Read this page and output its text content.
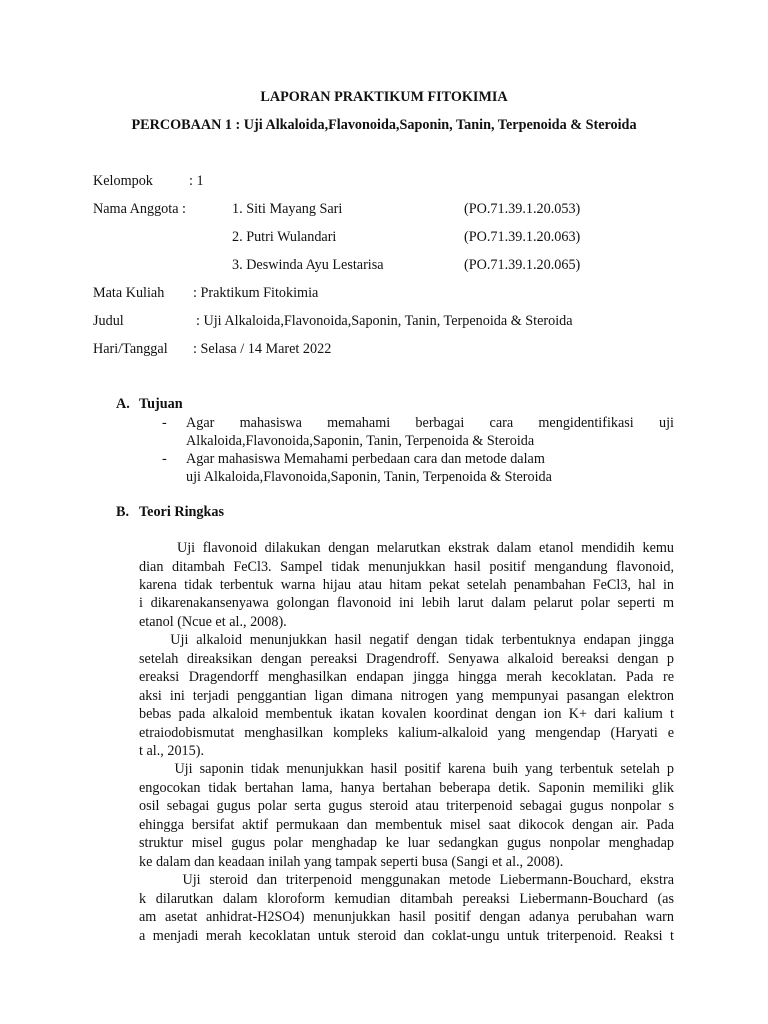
LAPORAN PRAKTIKUM FITOKIMIA
PERCOBAAN 1 : Uji Alkaloida,Flavonoida,Saponin, Tanin, Terpenoida & Steroida
Kelompok	: 1
Nama Anggota :	1. Siti Mayang Sari	(PO.71.39.1.20.053)
2. Putri Wulandari	(PO.71.39.1.20.063)
3. Deswinda Ayu Lestarisa	(PO.71.39.1.20.065)
Mata Kuliah : Praktikum Fitokimia
Judul	: Uji Alkaloida,Flavonoida,Saponin, Tanin, Terpenoida & Steroida
Hari/Tanggal : Selasa / 14 Maret 2022
A. Tujuan
- Agar mahasiswa memahami berbagai cara mengidentifikasi uji
Alkaloida,Flavonoida,Saponin, Tanin, Terpenoida & Steroida
- Agar mahasiswa Memahami perbedaan cara dan metode dalam
uji Alkaloida,Flavonoida,Saponin, Tanin, Terpenoida & Steroida
B. Teori Ringkas
Uji flavonoid dilakukan dengan melarutkan ekstrak dalam etanol mendidih kemu
dian ditambah FeCl3. Sampel tidak menunjukkan hasil positif mengandung flavonoid,
karena tidak terbentuk warna hijau atau hitam pekat setelah penambahan FeCl3, hal in
i dikarenakansenyawa golongan flavonoid ini lebih larut dalam pelarut polar seperti m
etanol (Ncue et al., 2008).
Uji alkaloid menunjukkan hasil negatif dengan tidak terbentuknya endapan jingga
setelah direaksikan dengan pereaksi Dragendroff. Senyawa alkaloid bereaksi dengan p
ereaksi Dragendorff menghasilkan endapan jingga hingga merah kecoklatan. Pada re
aksi ini terjadi penggantian ligan dimana nitrogen yang mempunyai pasangan elektron
bebas pada alkaloid membentuk ikatan kovalen koordinat dengan ion K+ dari kalium t
etraiodobismutat menghasilkan kompleks kalium-alkaloid yang mengendap (Haryati e
t al., 2015).
Uji saponin tidak menunjukkan hasil positif karena buih yang terbentuk setelah p
engocokan tidak bertahan lama, hanya bertahan beberapa detik. Saponin memiliki glik
osil sebagai gugus polar serta gugus steroid atau triterpenoid sebagai gugus nonpolar s
ehingga bersifat aktif permukaan dan membentuk misel saat dikocok dengan air. Pada
struktur misel gugus polar menghadap ke luar sedangkan gugus nonpolar menghadap
ke dalam dan keadaan inilah yang tampak seperti busa (Sangi et al., 2008).
Uji steroid dan triterpenoid menggunakan metode Liebermann-Bouchard, ekstra
k dilarutkan dalam kloroform kemudian ditambah pereaksi Liebermann-Bouchard (as
am asetat anhidrat-H2SO4) menunjukkan hasil positif dengan adanya perubahan warn
a menjadi merah kecoklatan untuk steroid dan coklat-ungu untuk triterpenoid. Reaksi t
